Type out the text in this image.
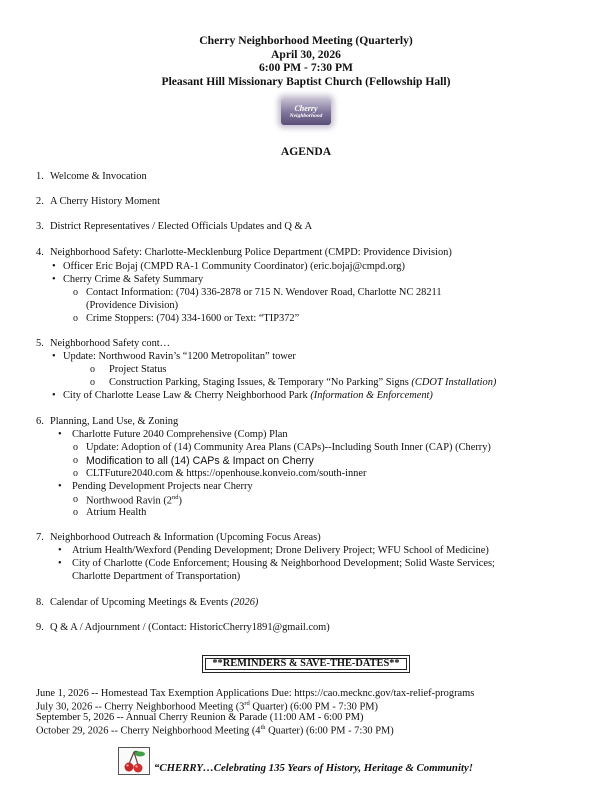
Cherry Neighborhood Meeting (Quarterly)
April 30, 2026
6:00 PM - 7:30 PM
Pleasant Hill Missionary Baptist Church (Fellowship Hall)
Cherry
Neighborhood
AGENDA
1. Welcome & Invocation
2. A Cherry History Moment
3. District Representatives / Elected Officials Updates and Q & A
4. Neighborhood Safety: Charlotte-Mecklenburg Police Department (CMPD: Providence Division)
• Officer Eric Bojaj (CMPD RA-1 Community Coordinator) (eric.bojaj@cmpd.org)
• Cherry Crime & Safety Summary
o Contact Information: (704) 336-2878 or 715 N. Wendover Road, Charlotte NC 28211
(Providence Division)
o Crime Stoppers: (704) 334-1600 or Text: “TIP372”
5. Neighborhood Safety cont…
• Update: Northwood Ravin’s “1200 Metropolitan” tower
o Project Status
o Construction Parking, Staging Issues, & Temporary “No Parking” Signs (CDOT Installation)
• City of Charlotte Lease Law & Cherry Neighborhood Park (Information & Enforcement)
6. Planning, Land Use, & Zoning
• Charlotte Future 2040 Comprehensive (Comp) Plan
o Update: Adoption of (14) Community Area Plans (CAPs)--Including South Inner (CAP) (Cherry)
o Modification to all (14) CAPs & Impact on Cherry
o CLTFuture2040.com & https://openhouse.konveio.com/south-inner
• Pending Development Projects near Cherry
o Northwood Ravin (2nd)
o Atrium Health
7. Neighborhood Outreach & Information (Upcoming Focus Areas)
• Atrium Health/Wexford (Pending Development; Drone Delivery Project; WFU School of Medicine)
• City of Charlotte (Code Enforcement; Housing & Neighborhood Development; Solid Waste Services;
Charlotte Department of Transportation)
8. Calendar of Upcoming Meetings & Events (2026)
9. Q & A / Adjournment / (Contact: HistoricCherry1891@gmail.com)
**REMINDERS & SAVE-THE-DATES**
June 1, 2026 -- Homestead Tax Exemption Applications Due: https://cao.mecknc.gov/tax-relief-programs
July 30, 2026 -- Cherry Neighborhood Meeting (3rd Quarter) (6:00 PM - 7:30 PM)
September 5, 2026 -- Annual Cherry Reunion & Parade (11:00 AM - 6:00 PM)
October 29, 2026 -- Cherry Neighborhood Meeting (4th Quarter) (6:00 PM - 7:30 PM)
“CHERRY…Celebrating 135 Years of History, Heritage & Community!
